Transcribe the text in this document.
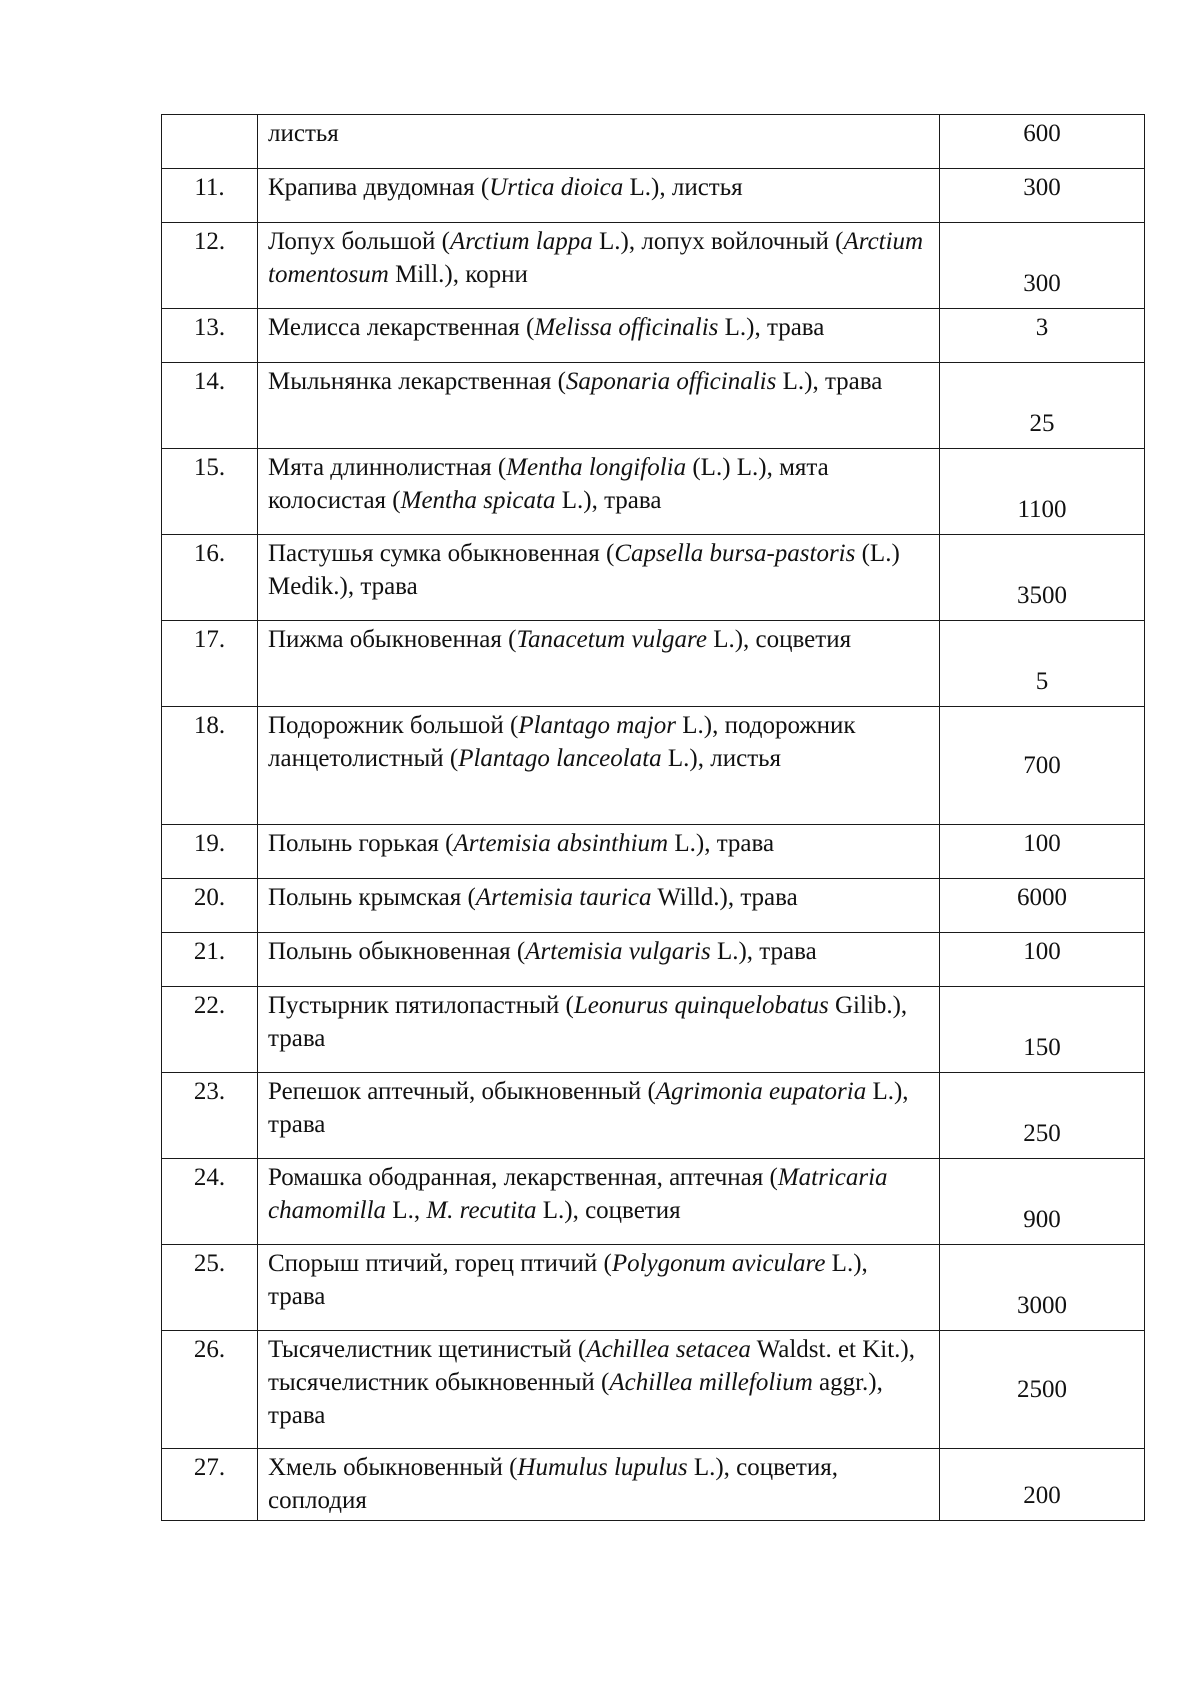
	листья	600
11.	Крапива двудомная (Urtica dioica L.), листья	300
12.	Лопух большой (Arctium lappa L.), лопух войлочный (Arctium tomentosum Mill.), корни	300
13.	Мелисса лекарственная (Melissa officinalis L.), трава	3
14.	Мыльнянка лекарственная (Saponaria officinalis L.), трава	25
15.	Мята длиннолистная (Mentha longifolia (L.) L.), мята колосистая (Mentha spicata L.), трава	1100
16.	Пастушья сумка обыкновенная (Capsella bursa-pastoris (L.) Medik.), трава	3500
17.	Пижма обыкновенная (Tanacetum vulgare L.), соцветия	5
18.	Подорожник большой (Plantago major L.), подорожник ланцетолистный (Plantago lanceolata L.), листья	700
19.	Полынь горькая (Artemisia absinthium L.), трава	100
20.	Полынь крымская (Artemisia taurica Willd.), трава	6000
21.	Полынь обыкновенная (Artemisia vulgaris L.), трава	100
22.	Пустырник пятилопастный (Leonurus quinquelobatus Gilib.), трава	150
23.	Репешок аптечный, обыкновенный (Agrimonia eupatoria L.), трава	250
24.	Ромашка ободранная, лекарственная, аптечная (Matricaria chamomilla L., M. recutita L.), соцветия	900
25.	Спорыш птичий, горец птичий (Polygonum aviculare L.), трава	3000
26.	Тысячелистник щетинистый (Achillea setacea Waldst. et Kit.), тысячелистник обыкновенный (Achillea millefolium aggr.), трава	2500
27.	Хмель обыкновенный (Humulus lupulus L.), соцветия, соплодия	200
